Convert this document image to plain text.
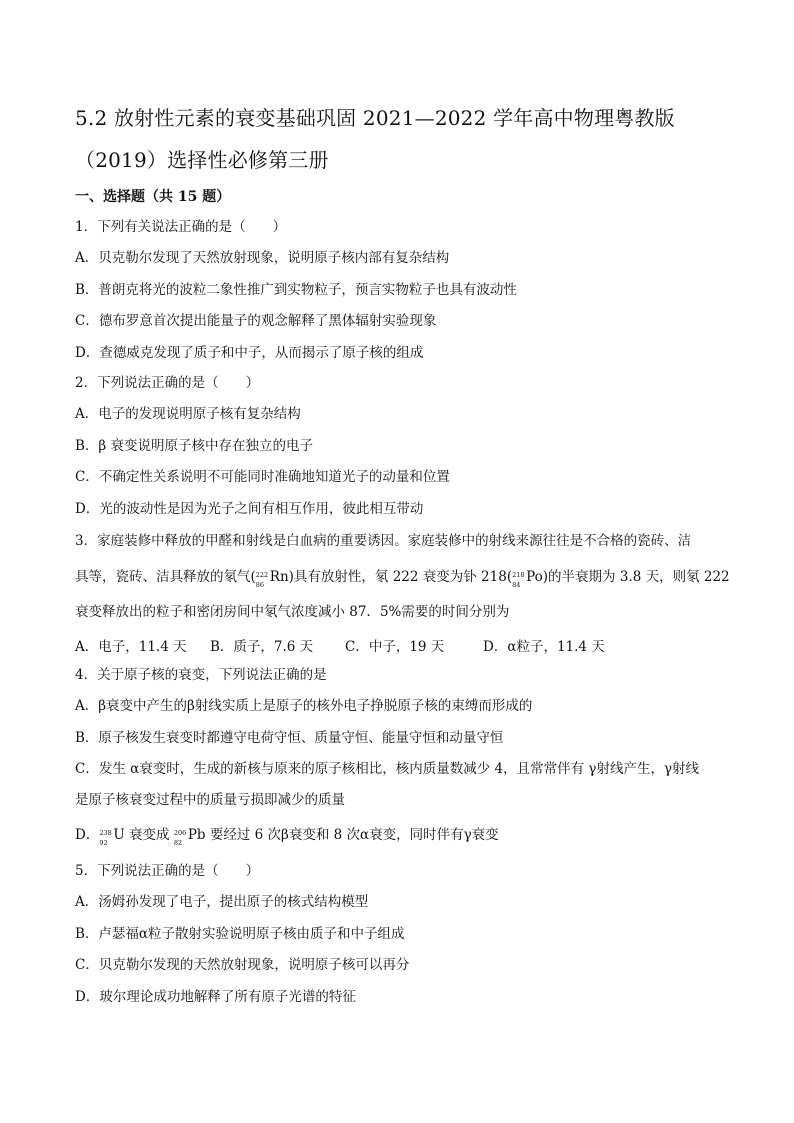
5.2 放射性元素的衰变基础巩固 2021—2022 学年高中物理粤教版
（2019）选择性必修第三册
一、选择题（共 15 题）
1．下列有关说法正确的是（　　）
A．贝克勒尔发现了天然放射现象，说明原子核内部有复杂结构
B．普朗克将光的波粒二象性推广到实物粒子，预言实物粒子也具有波动性
C．德布罗意首次提出能量子的观念解释了黑体辐射实验现象
D．查德威克发现了质子和中子，从而揭示了原子核的组成
2．下列说法正确的是（　　）
A．电子的发现说明原子核有复杂结构
B．β 衰变说明原子核中存在独立的电子
C．不确定性关系说明不可能同时准确地知道光子的动量和位置
D．光的波动性是因为光子之间有相互作用，彼此相互带动
3．家庭装修中释放的甲醛和射线是白血病的重要诱因。家庭装修中的射线来源往往是不合格的瓷砖、洁
具等，瓷砖、洁具释放的氡气( 222
86 Rn)具有放射性，氡 222 衰变为钋 218( 218
84 Po)的半衰期为 3.8 天，则氡 222
衰变释放出的粒子和密闭房间中氡气浓度减小 87．5%需要的时间分别为
A．电子，11.4 天 B．质子，7.6 天 C．中子，19 天	D．α粒子，11.4 天
4．关于原子核的衰变，下列说法正确的是
A．β衰变中产生的β射线实质上是原子的核外电子挣脱原子核的束缚而形成的
B．原子核发生衰变时都遵守电荷守恒、质量守恒、能量守恒和动量守恒
C．发生 α衰变时，生成的新核与原来的原子核相比，核内质量数减少 4，且常常伴有 γ射线产生，γ射线
是原子核衰变过程中的质量亏损即减少的质量
D． 238
92 U 衰变成 206
82 Pb 要经过 6 次β衰变和 8 次α衰变，同时伴有γ衰变
5．下列说法正确的是（　　）
A．汤姆孙发现了电子，提出原子的核式结构模型
B．卢瑟福α粒子散射实验说明原子核由质子和中子组成
C．贝克勒尔发现的天然放射现象，说明原子核可以再分
D．玻尔理论成功地解释了所有原子光谱的特征
